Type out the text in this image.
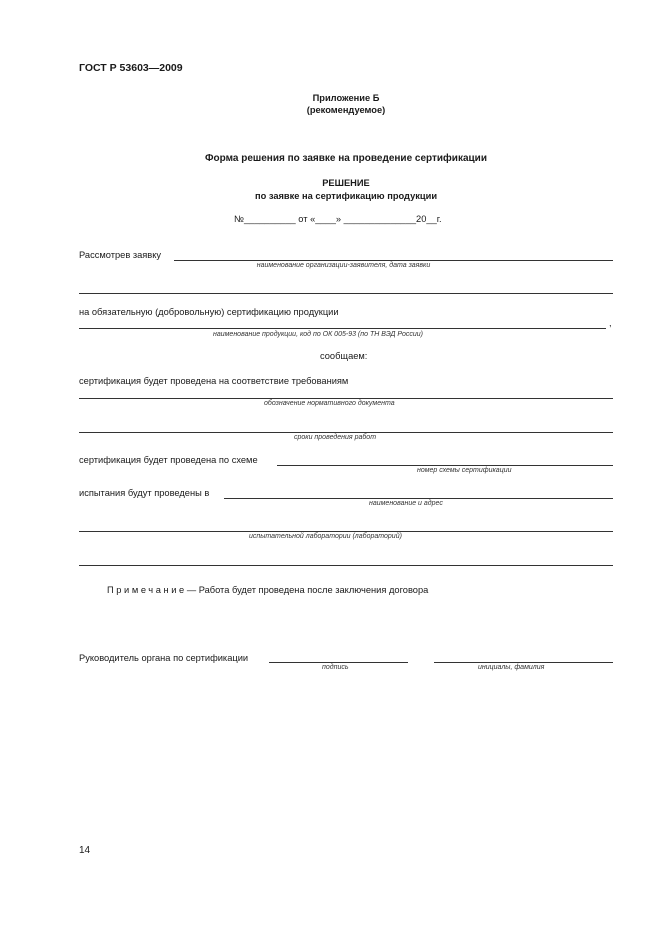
ГОСТ Р 53603—2009
Приложение Б
(рекомендуемое)
Форма решения по заявке на проведение сертификации
РЕШЕНИЕ
по заявке на сертификацию продукции
№__________ от «____» ______________20__г.
Рассмотрев заявку
наименование организации-заявителя, дата заявки
на обязательную (добровольную) сертификацию продукции
,
наименование продукции, код по ОК 005-93 (по ТН ВЭД России)
сообщаем:
сертификация будет проведена на соответствие требованиям
обозначение нормативного документа
сроки проведения работ
сертификация будет проведена по схеме
номер схемы сертификации
испытания будут проведены в
наименование и адрес
испытательной лаборатории (лабораторий)
Примечание— Работа будет проведена после заключения договора
Руководитель органа по сертификации
подпись	инициалы, фамилия
14
